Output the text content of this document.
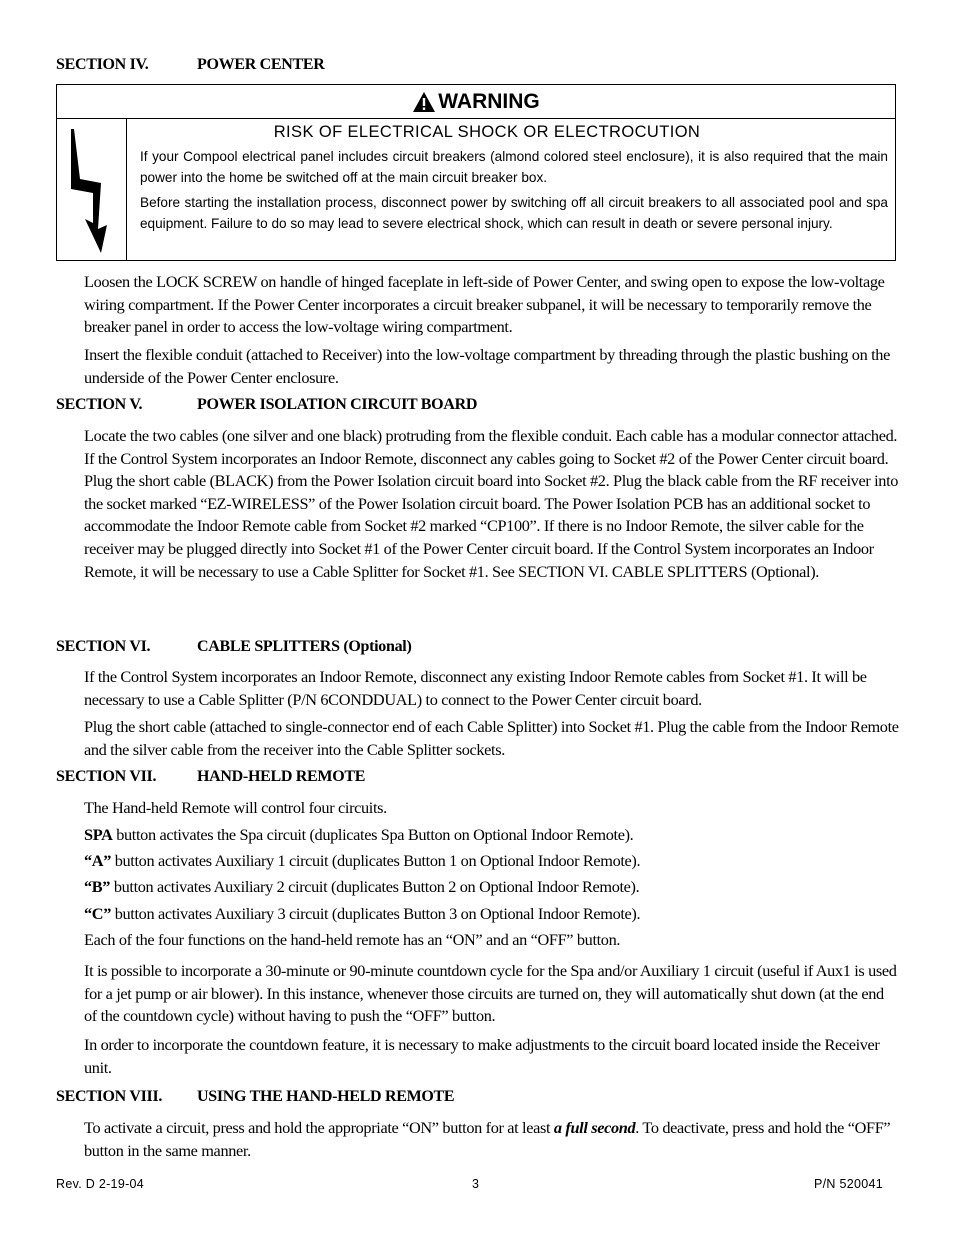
SECTION IV.	POWER CENTER
WARNING
RISK OF ELECTRICAL SHOCK OR ELECTROCUTION

If your Compool electrical panel includes circuit breakers (almond colored steel enclosure), it is also required that the main power into the home be switched off at the main circuit breaker box.

Before starting the installation process, disconnect power by switching off all circuit breakers to all associated pool and spa equipment. Failure to do so may lead to severe electrical shock, which can result in death or severe personal injury.

Loosen the LOCK SCREW on handle of hinged faceplate in left-side of Power Center, and swing open to expose the low-voltage wiring compartment. If the Power Center incorporates a circuit breaker subpanel, it will be necessary to temporarily remove the breaker panel in order to access the low-voltage wiring compartment.

Insert the flexible conduit (attached to Receiver) into the low-voltage compartment by threading through the plastic bushing on the underside of the Power Center enclosure.

SECTION V.	POWER ISOLATION CIRCUIT BOARD

Locate the two cables (one silver and one black) protruding from the flexible conduit. Each cable has a modular connector attached. If the Control System incorporates an Indoor Remote, disconnect any cables going to Socket #2 of the Power Center circuit board. Plug the short cable (BLACK) from the Power Isolation circuit board into Socket #2. Plug the black cable from the RF receiver into the socket marked “EZ-WIRELESS” of the Power Isolation circuit board. The Power Isolation PCB has an additional socket to accommodate the Indoor Remote cable from Socket #2 marked “CP100”. If there is no Indoor Remote, the silver cable for the receiver may be plugged directly into Socket #1 of the Power Center circuit board. If the Control System incorporates an Indoor Remote, it will be necessary to use a Cable Splitter for Socket #1. See SECTION VI. CABLE SPLITTERS (Optional).

SECTION VI.	CABLE SPLITTERS (Optional)

If the Control System incorporates an Indoor Remote, disconnect any existing Indoor Remote cables from Socket #1. It will be necessary to use a Cable Splitter (P/N 6CONDDUAL) to connect to the Power Center circuit board.

Plug the short cable (attached to single-connector end of each Cable Splitter) into Socket #1. Plug the cable from the Indoor Remote and the silver cable from the receiver into the Cable Splitter sockets.

SECTION VII.	HAND-HELD REMOTE
The Hand-held Remote will control four circuits.
SPA button activates the Spa circuit (duplicates Spa Button on Optional Indoor Remote).
“A” button activates Auxiliary 1 circuit (duplicates Button 1 on Optional Indoor Remote).
“B” button activates Auxiliary 2 circuit (duplicates Button 2 on Optional Indoor Remote).
“C” button activates Auxiliary 3 circuit (duplicates Button 3 on Optional Indoor Remote).
Each of the four functions on the hand-held remote has an “ON” and an “OFF” button.

It is possible to incorporate a 30-minute or 90-minute countdown cycle for the Spa and/or Auxiliary 1 circuit (useful if Aux1 is used for a jet pump or air blower). In this instance, whenever those circuits are turned on, they will automatically shut down (at the end of the countdown cycle) without having to push the “OFF” button.

In order to incorporate the countdown feature, it is necessary to make adjustments to the circuit board located inside the Receiver unit.

SECTION VIII. USING THE HAND-HELD REMOTE

To activate a circuit, press and hold the appropriate “ON” button for at least a full second. To deactivate, press and hold the “OFF” button in the same manner.

Rev. D 2-19-04	3	P/N 520041
